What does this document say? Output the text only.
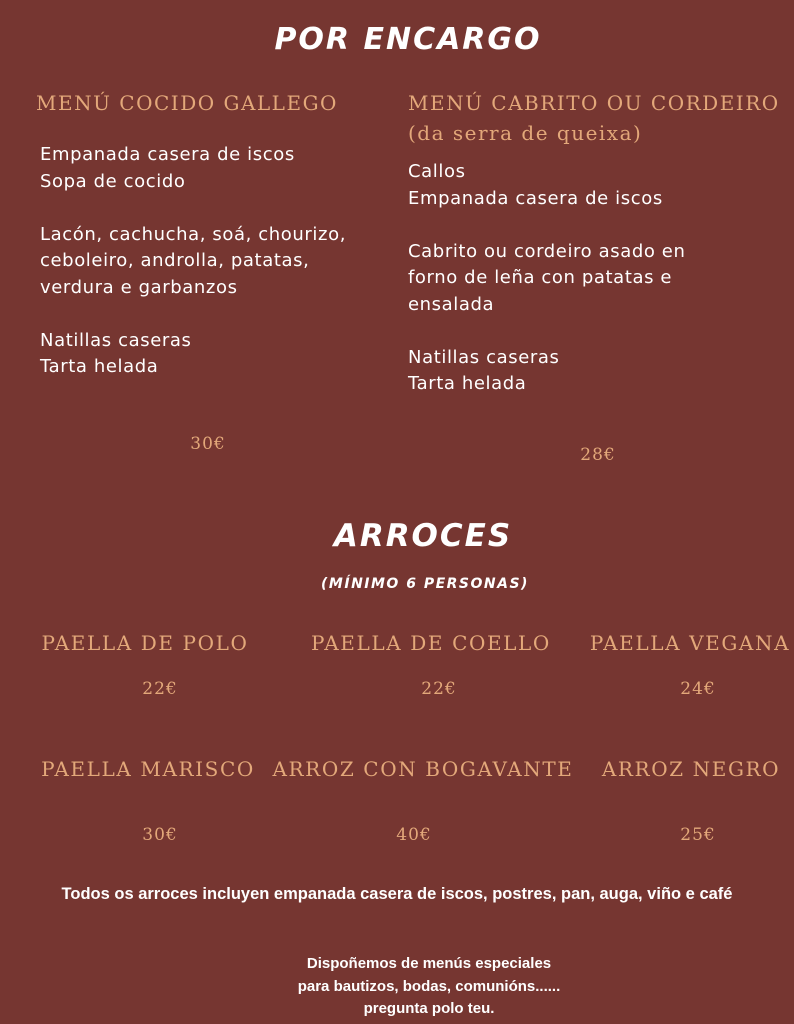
POR ENCARGO
MENÚ COCIDO GALLEGO
Empanada casera de iscos
Sopa de cocido

Lacón, cachucha, soá, chourizo,
ceboleiro, androlla, patatas,
verdura e garbanzos

Natillas caseras
Tarta helada
30€
MENÚ CABRITO OU CORDEIRO
(da serra de queixa)
Callos
Empanada casera de iscos

Cabrito ou cordeiro asado en
forno de leña con patatas e
ensalada

Natillas caseras
Tarta helada
28€
ARROCES
(MÍNIMO 6 PERSONAS)
PAELLA DE POLO
22€
PAELLA DE COELLO
22€
PAELLA VEGANA
24€
PAELLA MARISCO
30€
ARROZ CON BOGAVANTE
40€
ARROZ NEGRO
25€
Todos os arroces incluyen empanada casera de iscos, postres, pan, auga, viño e café
Dispoñemos de menús especiales
para bautizos, bodas, comunións......
pregunta polo teu.
